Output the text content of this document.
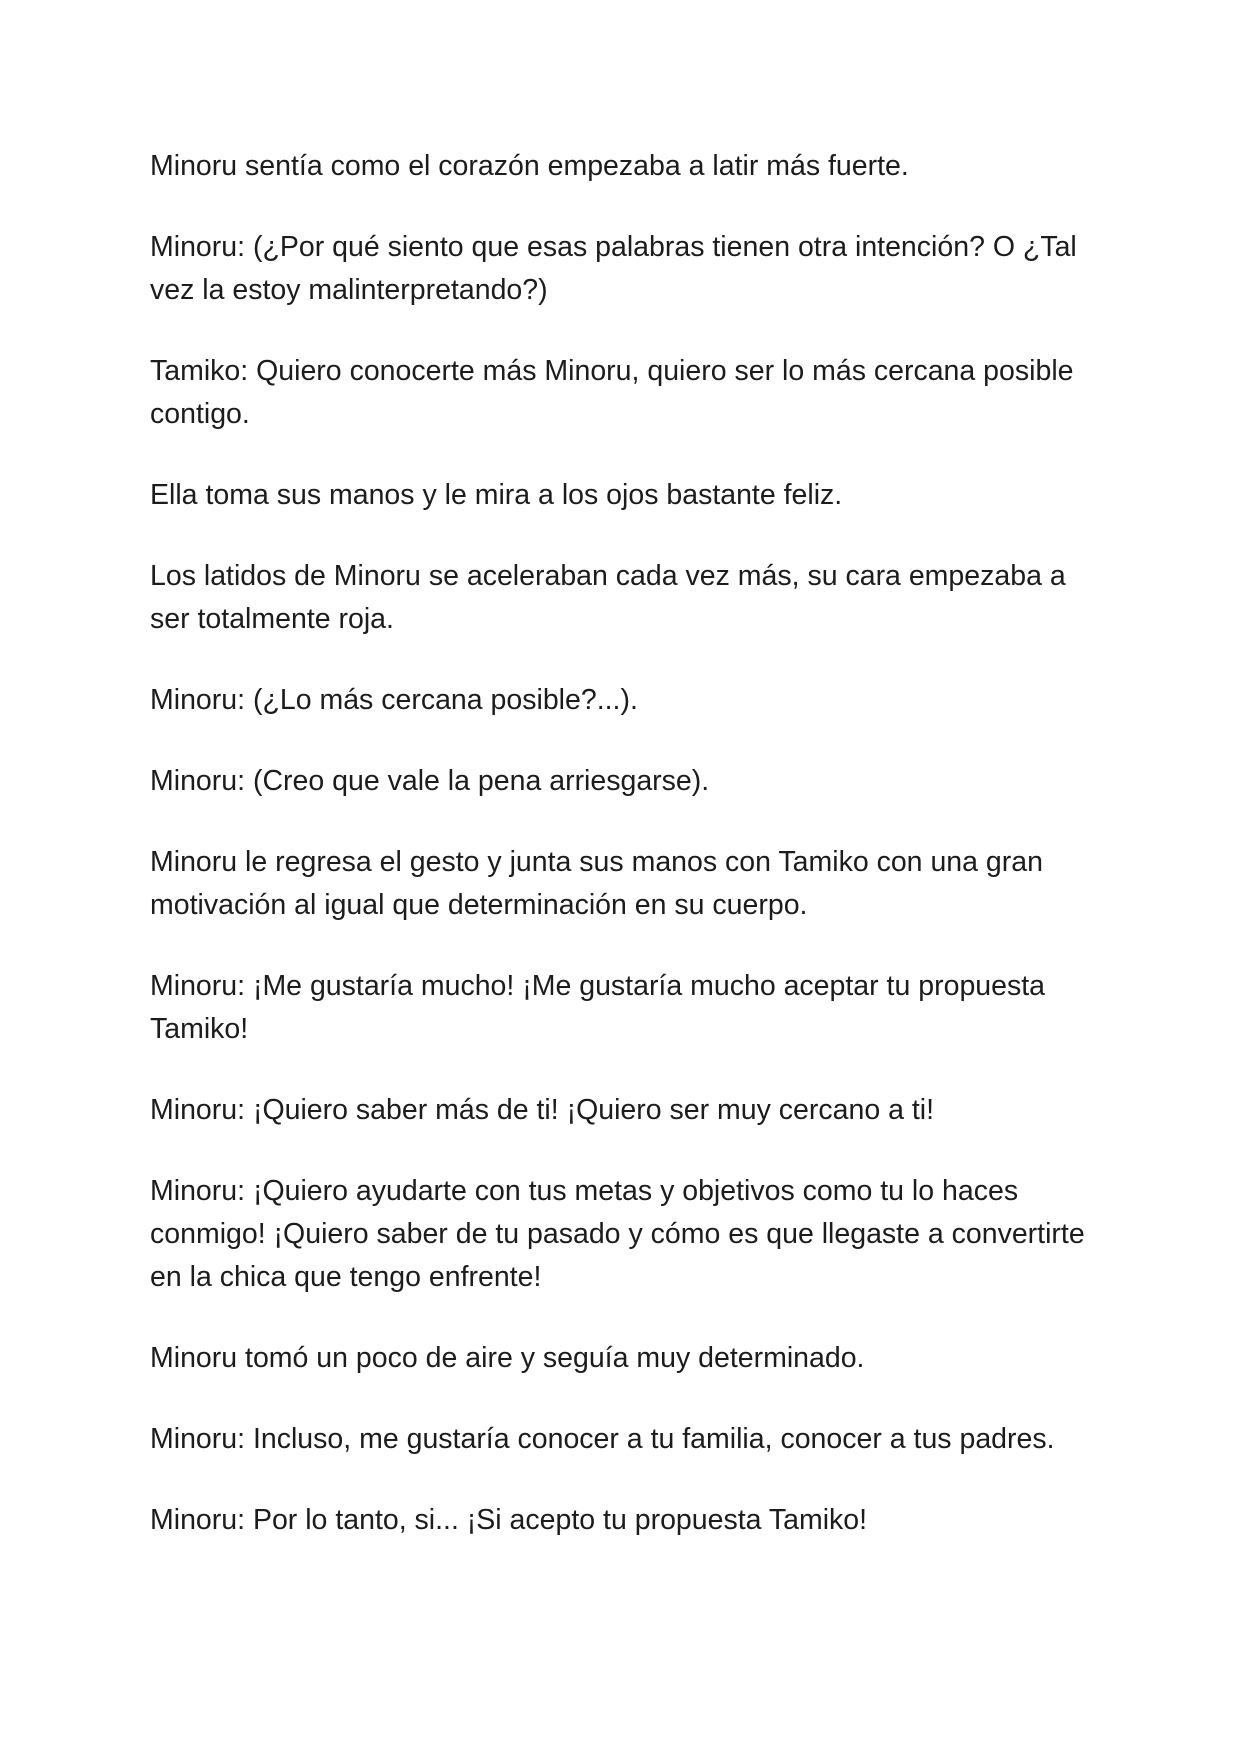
Minoru sentía como el corazón empezaba a latir más fuerte.

Minoru: (¿Por qué siento que esas palabras tienen otra intención? O ¿Tal vez la estoy malinterpretando?)

Tamiko: Quiero conocerte más Minoru, quiero ser lo más cercana posible contigo.

Ella toma sus manos y le mira a los ojos bastante feliz.

Los latidos de Minoru se aceleraban cada vez más, su cara empezaba a ser totalmente roja.

Minoru: (¿Lo más cercana posible?...).

Minoru: (Creo que vale la pena arriesgarse).

Minoru le regresa el gesto y junta sus manos con Tamiko con una gran motivación al igual que determinación en su cuerpo.

Minoru: ¡Me gustaría mucho! ¡Me gustaría mucho aceptar tu propuesta Tamiko!

Minoru: ¡Quiero saber más de ti! ¡Quiero ser muy cercano a ti!

Minoru: ¡Quiero ayudarte con tus metas y objetivos como tu lo haces conmigo! ¡Quiero saber de tu pasado y cómo es que llegaste a convertirte en la chica que tengo enfrente!

Minoru tomó un poco de aire y seguía muy determinado.

Minoru: Incluso, me gustaría conocer a tu familia, conocer a tus padres.

Minoru: Por lo tanto, si... ¡Si acepto tu propuesta Tamiko!
